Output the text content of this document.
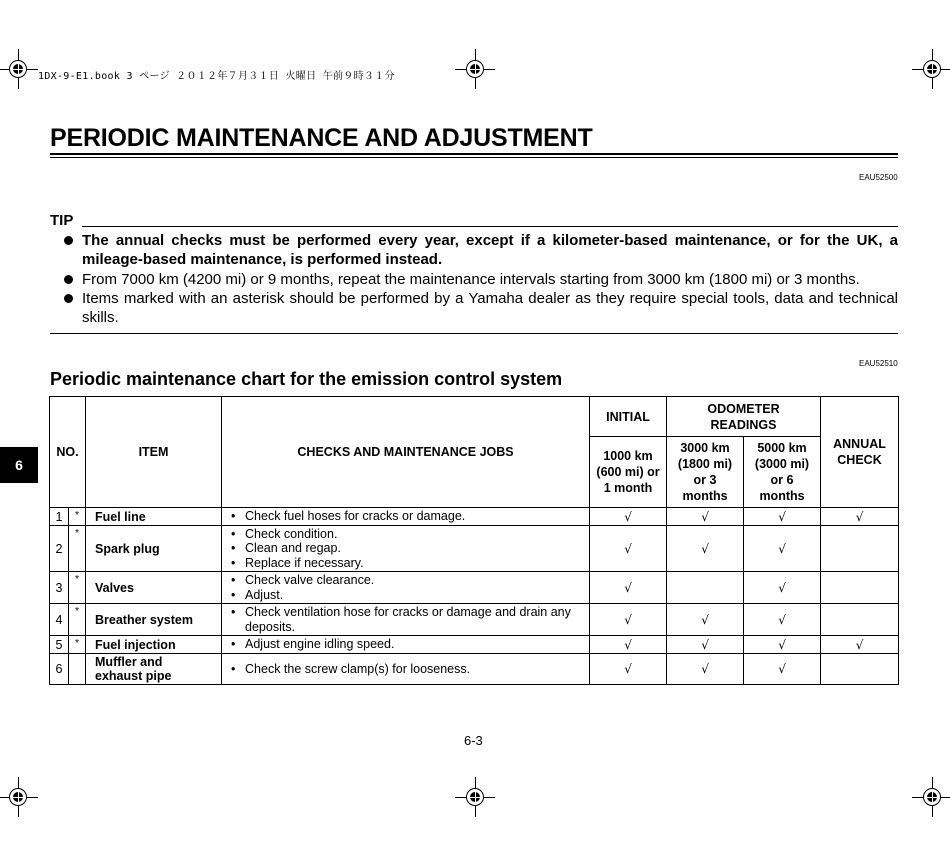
1DX-9-E1.book 3 ページ ２０１２年７月３１日 火曜日 午前９時３１分
PERIODIC MAINTENANCE AND ADJUSTMENT
EAU52500
TIP
The annual checks must be performed every year, except if a kilometer-based maintenance, or for the UK, a mileage-based maintenance, is performed instead.
From 7000 km (4200 mi) or 9 months, repeat the maintenance intervals starting from 3000 km (1800 mi) or 3 months.
Items marked with an asterisk should be performed by a Yamaha dealer as they require special tools, data and technical skills.
EAU52510
Periodic maintenance chart for the emission control system
6
NO.		ITEM	CHECKS AND MAINTENANCE JOBS	INITIAL	ODOMETER READINGS		ANNUAL CHECK
				1000 km (600 mi) or 1 month	3000 km (1800 mi) or 3 months	5000 km (3000 mi) or 6 months	
1	*	Fuel line	• Check fuel hoses for cracks or damage.	√	√	√	√
2	*	Spark plug	• Check condition.
• Clean and regap.
• Replace if necessary.	√	√	√	
3	*	Valves	• Check valve clearance.
• Adjust.	√		√	
4	*	Breather system	• Check ventilation hose for cracks or damage and drain any deposits.	√	√	√	
5	*	Fuel injection	• Adjust engine idling speed.	√	√	√	√
6		Muffler and exhaust pipe	• Check the screw clamp(s) for looseness.	√	√	√	
6-3
